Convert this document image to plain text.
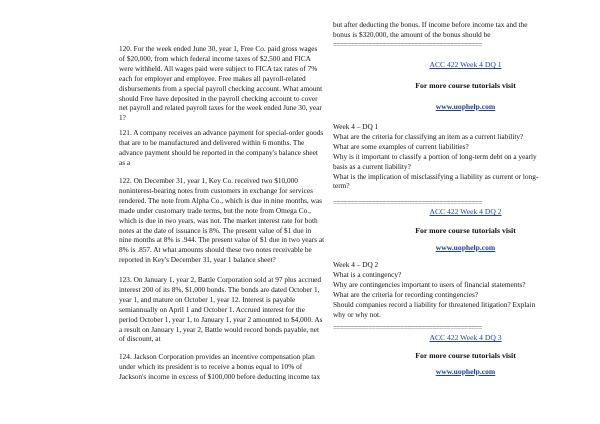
120. For the week ended June 30, year 1, Free Co. paid gross wages
of $20,000, from which federal income taxes of $2,500 and FICA
were withheld. All wages paid were subject to FICA tax rates of 7%
each for employer and employee. Free makes all payroll-related
disbursements from a special payroll checking account. What amount
should Free have deposited in the payroll checking account to cover
net payroll and related payroll taxes for the week ended June 30, year
1?
121. A company receives an advance payment for special-order goods
that are to be manufactured and delivered within 6 months. The
advance payment should be reported in the company's balance sheet
as a
122. On December 31, year 1, Key Co. received two $10,000
noninterest-bearing notes from customers in exchange for services
rendered. The note from Alpha Co., which is due in nine months, was
made under customary trade terms, but the note from Omega Co.,
which is due in two years, was not. The market interest rate for both
notes at the date of issuance is 8%. The present value of $1 due in
nine months at 8% is .944. The present value of $1 due in two years at
8% is .857. At what amounts should these two notes receivable be
reported in Key's December 31, year 1 balance sheet?
123. On January 1, year 2, Battle Corporation sold at 97 plus accrued
interest 200 of its 8%, $1,000 bonds. The bonds are dated October 1,
year 1, and mature on October 1, year 12. Interest is payable
semiannually on April 1 and October 1. Accrued interest for the
period October 1, year 1, to January 1, year 2 amounted to $4,000. As
a result on January 1, year 2, Battle would record bonds payable, net
of discount, at
124. Jackson Corporation provides an incentive compensation plan
under which its president is to receive a bonus equal to 10% of
Jackson's income in excess of $100,000 before deducting income tax
but after deducting the bonus. If income before income tax and the
bonus is $320,000, the amount of the bonus should be
==========================================
ACC 422 Week 4 DQ 1
For more course tutorials visit
www.uophelp.com
Week 4 – DQ 1
What are the criteria for classifying an item as a current liability?
What are some examples of current liabilities?
Why is it important to classify a portion of long-term debt on a yearly
basis as a current liability?
What is the implication of misclassifying a liability as current or long-
term?
==========================================
ACC 422 Week 4 DQ 2
For more course tutorials visit
www.uophelp.com
Week 4 – DQ 2
What is a contingency?
Why are contingencies important to users of financial statements?
What are the criteria for recording contingencies?
Should companies record a liability for threatened litigation? Explain
why or why not.
==========================================
ACC 422 Week 4 DQ 3
For more course tutorials visit
www.uophelp.com
